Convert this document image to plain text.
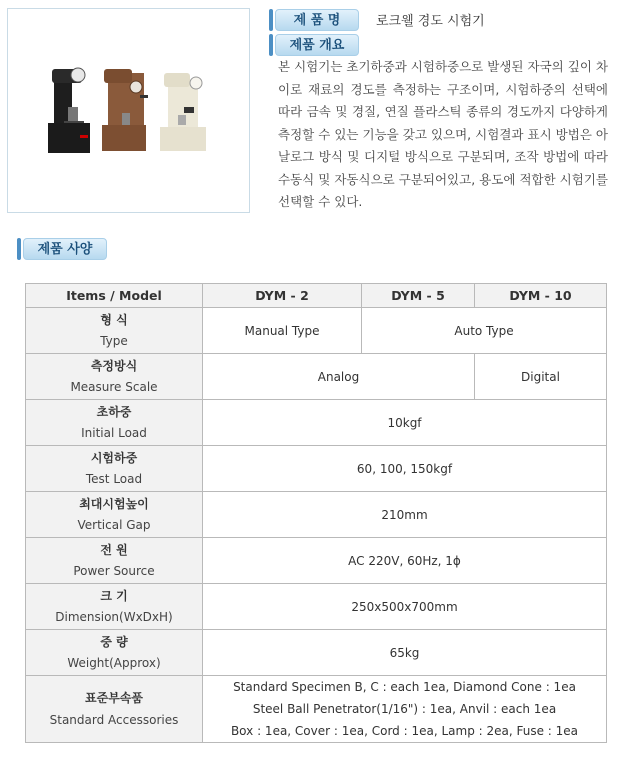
제 품 명	로크웰 경도 시험기
제품 개요

본 시험기는 초기하중과 시험하중으로 발생된 자국의 깊이 차이로 재료의 경도를 측정하는 구조이며, 시험하중의 선택에 따라 금속 및 경질, 연질 플라스틱 종류의 경도까지 다양하게 측정할 수 있는 기능을 갖고 있으며, 시험결과 표시 방법은 아날로그 방식 및 디지털 방식으로 구분되며, 조작 방법에 따라 수동식 및 자동식으로 구분되어있고, 용도에 적합한 시험기를 선택할 수 있다.

제품 사양
Items / Model	DYM - 2	DYM - 5	DYM - 10

형 식
Type	Manual Type	Auto Type	

측정방식
Measure Scale	Analog		Digital

초하중
Initial Load	10kgf		

시험하중
Test Load	60, 100, 150kgf		

최대시험높이
Vertical Gap	210mm		

전 원
Power Source	AC 220V, 60Hz, 1ϕ		

크 기
Dimension(WxDxH)	250x500x700mm		

중 량
Weight(Approx)	65kg		

표준부속품
Standard Accessories	Standard Specimen B, C : each 1ea, Diamond Cone : 1ea
Steel Ball Penetrator(1/16") : 1ea, Anvil : each 1ea
Box : 1ea, Cover : 1ea, Cord : 1ea, Lamp : 2ea, Fuse : 1ea		
